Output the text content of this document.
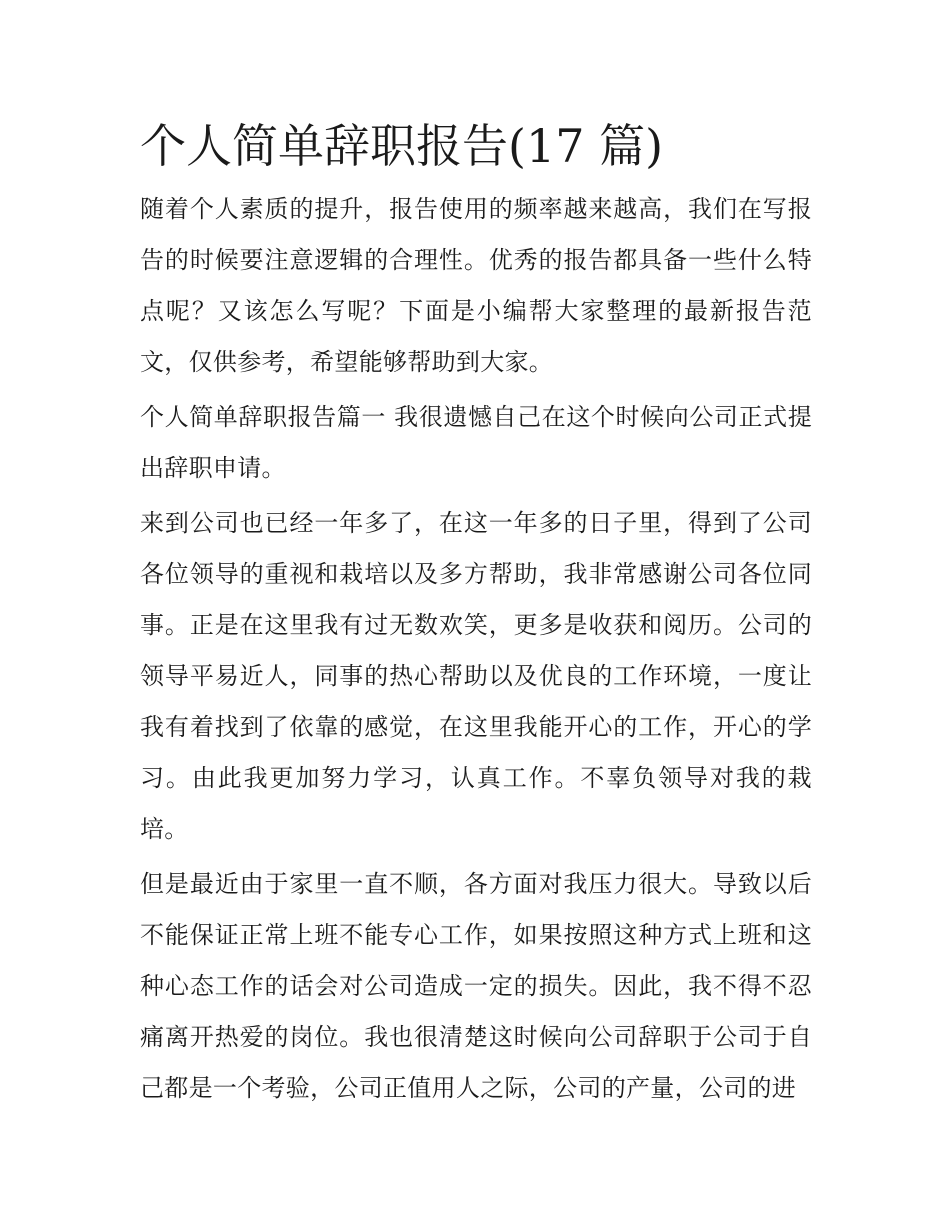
个人简单辞职报告(17 篇)

随着个人素质的提升，报告使用的频率越来越高，我们在写报告的时候要注意逻辑的合理性。优秀的报告都具备一些什么特点呢？又该怎么写呢？下面是小编帮大家整理的最新报告范文，仅供参考，希望能够帮助到大家。

个人简单辞职报告篇一 我很遗憾自己在这个时候向公司正式提出辞职申请。

来到公司也已经一年多了，在这一年多的日子里，得到了公司各位领导的重视和栽培以及多方帮助，我非常感谢公司各位同事。正是在这里我有过无数欢笑，更多是收获和阅历。公司的领导平易近人，同事的热心帮助以及优良的工作环境，一度让我有着找到了依靠的感觉，在这里我能开心的工作，开心的学习。由此我更加努力学习，认真工作。不辜负领导对我的栽培。

但是最近由于家里一直不顺，各方面对我压力很大。导致以后不能保证正常上班不能专心工作，如果按照这种方式上班和这种心态工作的话会对公司造成一定的损失。因此，我不得不忍痛离开热爱的岗位。我也很清楚这时候向公司辞职于公司于自己都是一个考验，公司正值用人之际，公司的产量，公司的进
